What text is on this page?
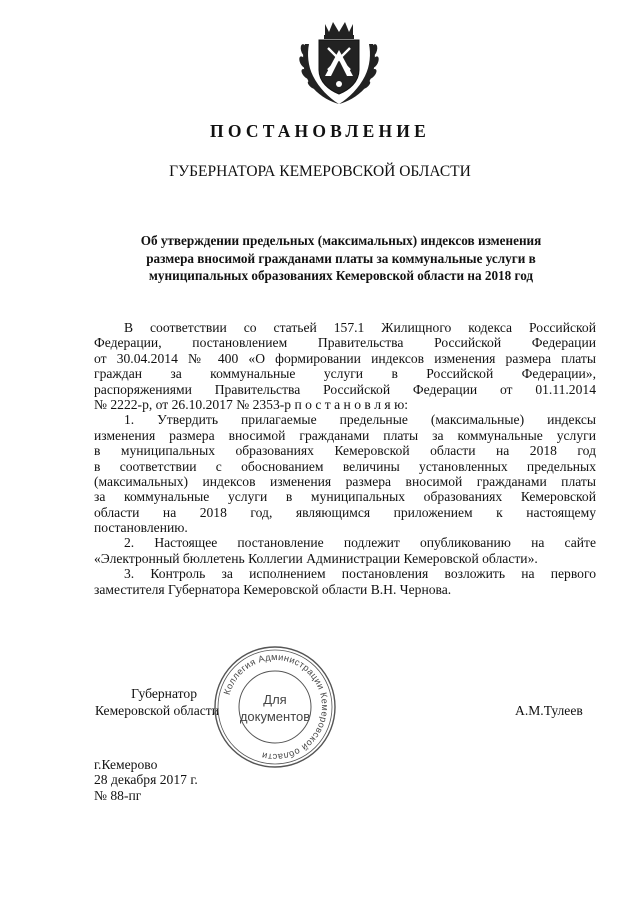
ПОСТАНОВЛЕНИЕ
ГУБЕРНАТОРА КЕМЕРОВСКОЙ ОБЛАСТИ
Об утверждении предельных (максимальных) индексов изменения
размера вносимой гражданами платы за коммунальные услуги в
муниципальных образованиях Кемеровской области на 2018 год
В соответствии со статьей 157.1 Жилищного кодекса Российской
Федерации, постановлением Правительства Российской Федерации
от 30.04.2014 № 400 «О формировании индексов изменения размера платы
граждан за коммунальные услуги в Российской Федерации»,
распоряжениями Правительства Российской Федерации от 01.11.2014
№ 2222-р, от 26.10.2017 № 2353-р п о с т а н о в л я ю:
1. Утвердить прилагаемые предельные (максимальные) индексы
изменения размера вносимой гражданами платы за коммунальные услуги
в муниципальных образованиях Кемеровской области на 2018 год
в соответствии с обоснованием величины установленных предельных
(максимальных) индексов изменения размера вносимой гражданами платы
за коммунальные услуги в муниципальных образованиях Кемеровской
области на 2018 год, являющимся приложением к настоящему
постановлению.
2. Настоящее постановление подлежит опубликованию на сайте
«Электронный бюллетень Коллегии Администрации Кемеровской области».
3. Контроль за исполнением постановления возложить на первого
заместителя Губернатора Кемеровской области В.Н. Чернова.
Губернатор
Кемеровской области
Коллегия Администрации Кемеровской области
Для
документов	А.М.Тулеев
г.Кемерово
28 декабря 2017 г.
№ 88-пг
